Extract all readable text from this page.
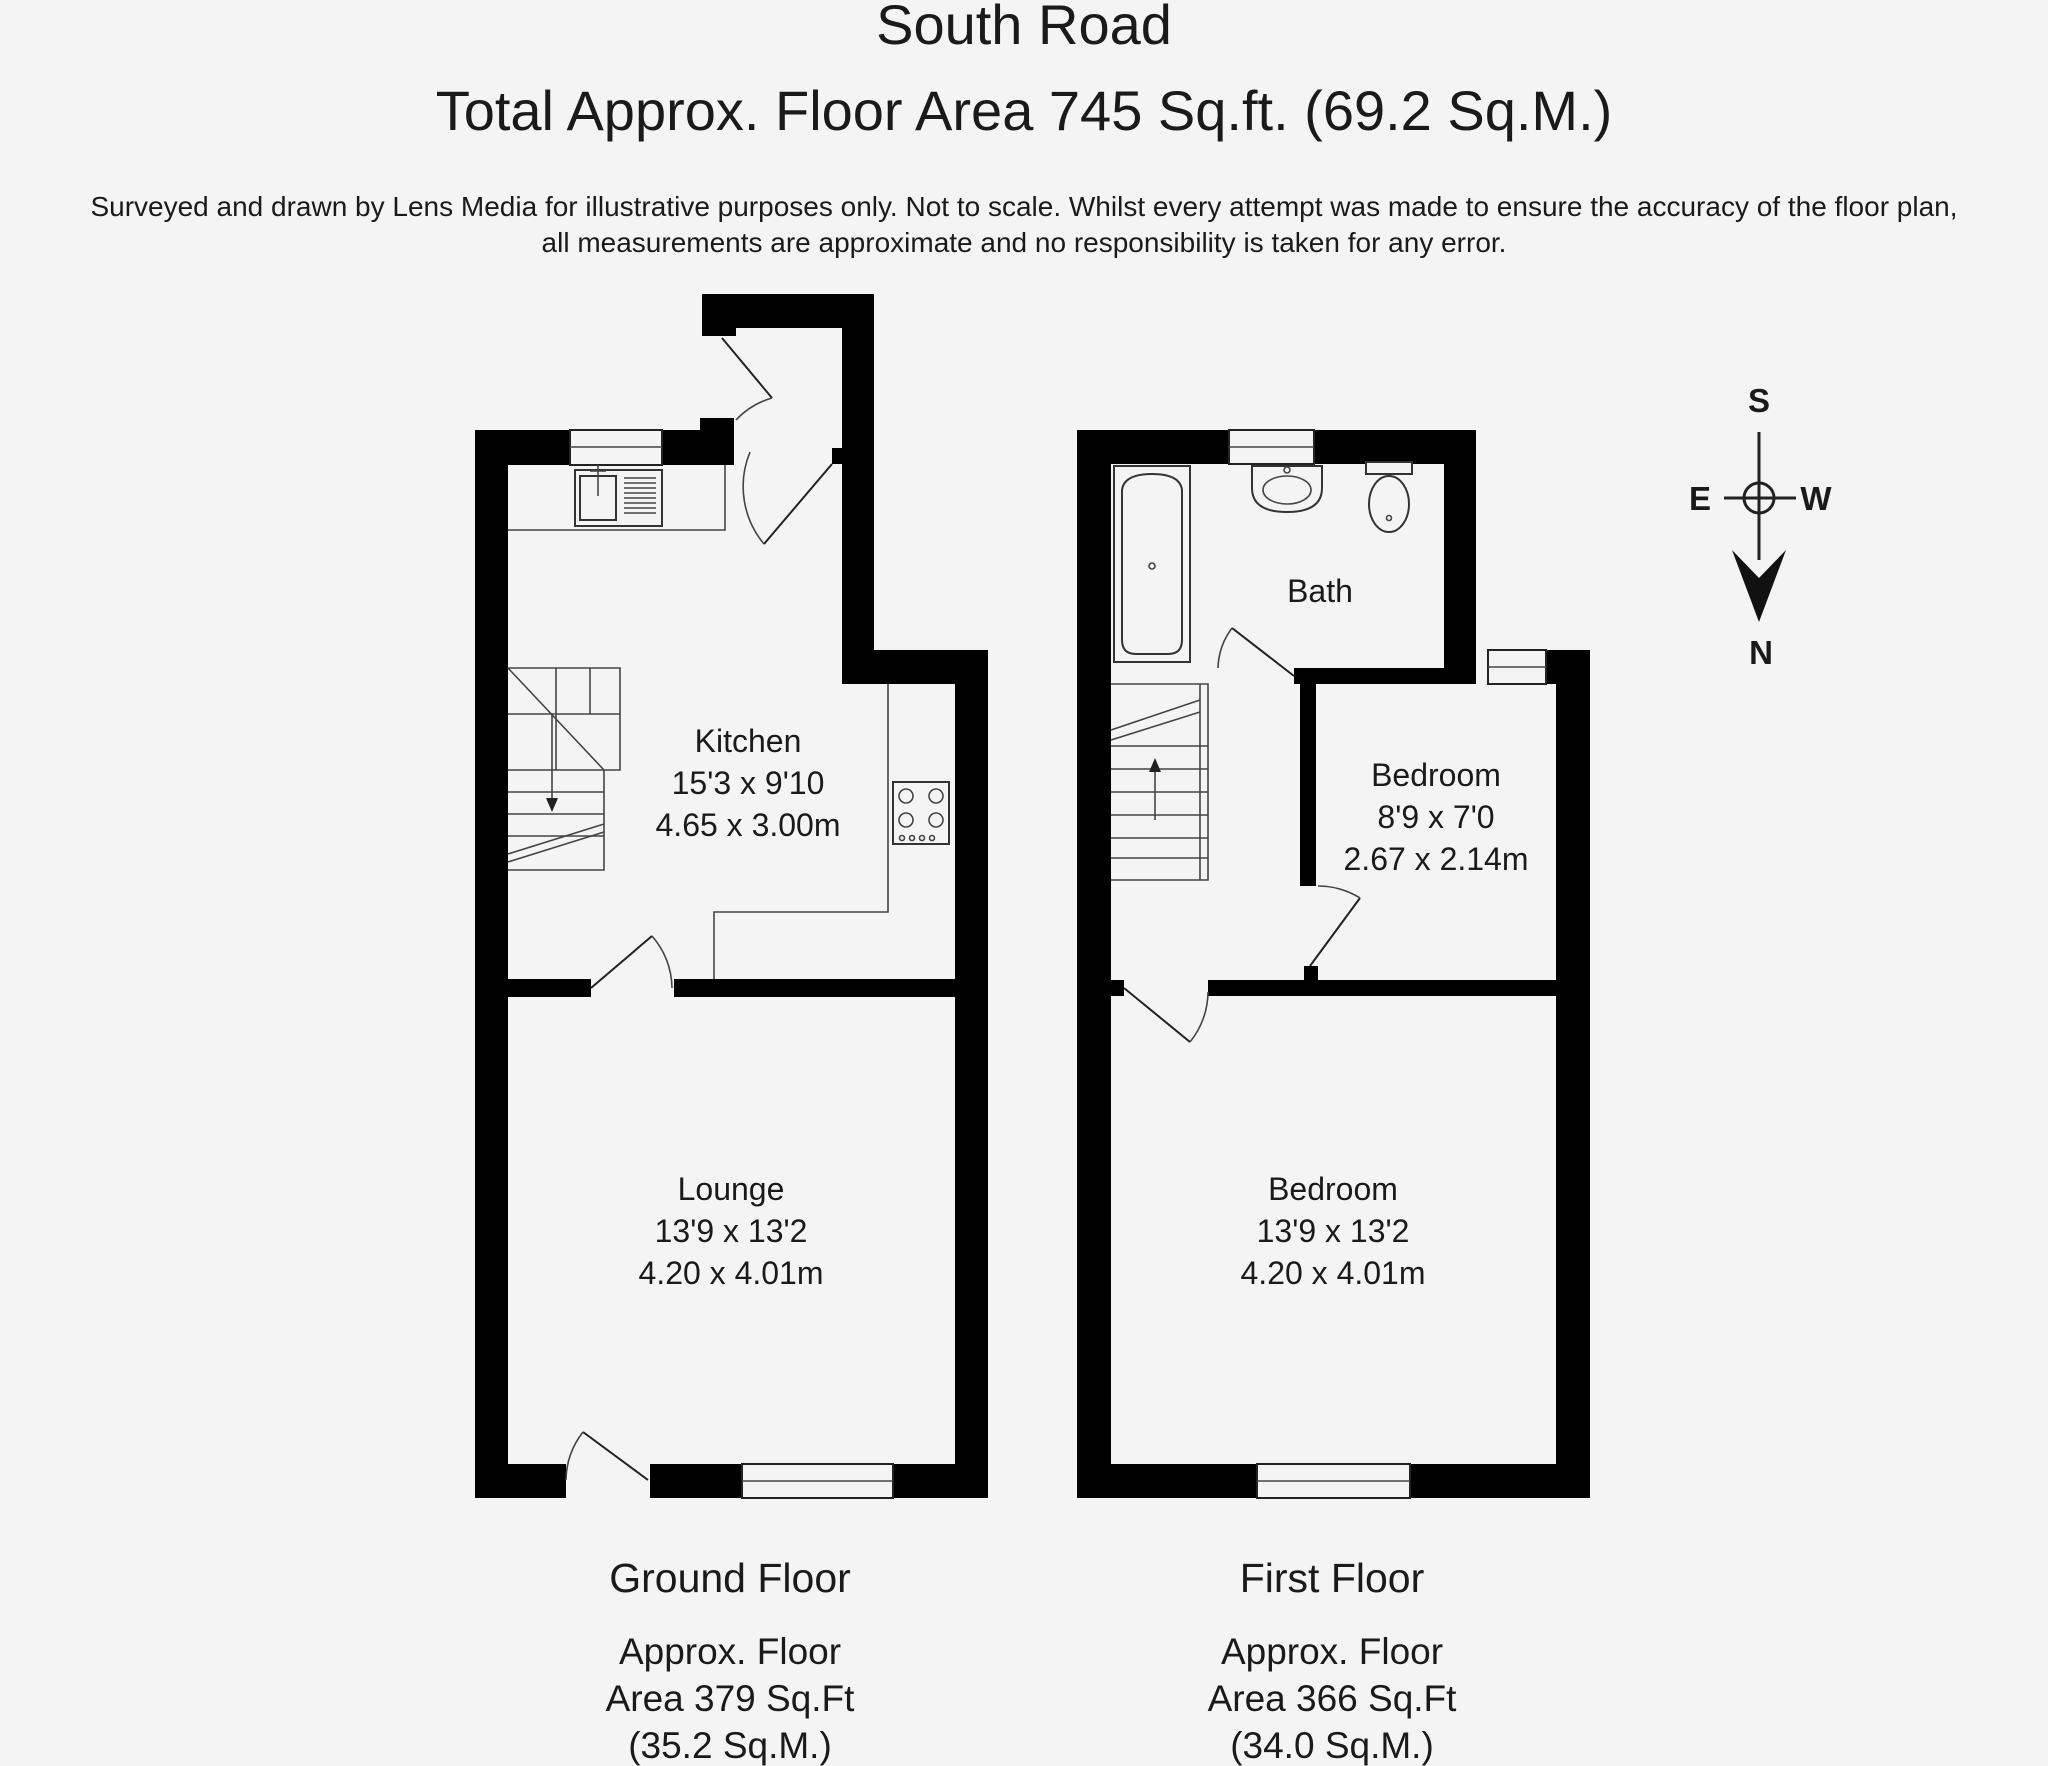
South Road
Total Approx. Floor Area 745 Sq.ft. (69.2 Sq.M.)
Surveyed and drawn by Lens Media for illustrative purposes only. Not to scale. Whilst every attempt was made to ensure the accuracy of the floor plan,
all measurements are approximate and no responsibility is taken for any error.
Kitchen
15'3 x 9'10
4.65 x 3.00m
Lounge
13'9 x 13'2
4.20 x 4.01m
Bath
Bedroom
8'9 x 7'0
2.67 x 2.14m
Bedroom
13'9 x 13'2
4.20 x 4.01m
Ground Floor
Approx. Floor
Area 379 Sq.Ft
(35.2 Sq.M.)
First Floor
Approx. Floor
Area 366 Sq.Ft
(34.0 Sq.M.)
S
E	W
N
